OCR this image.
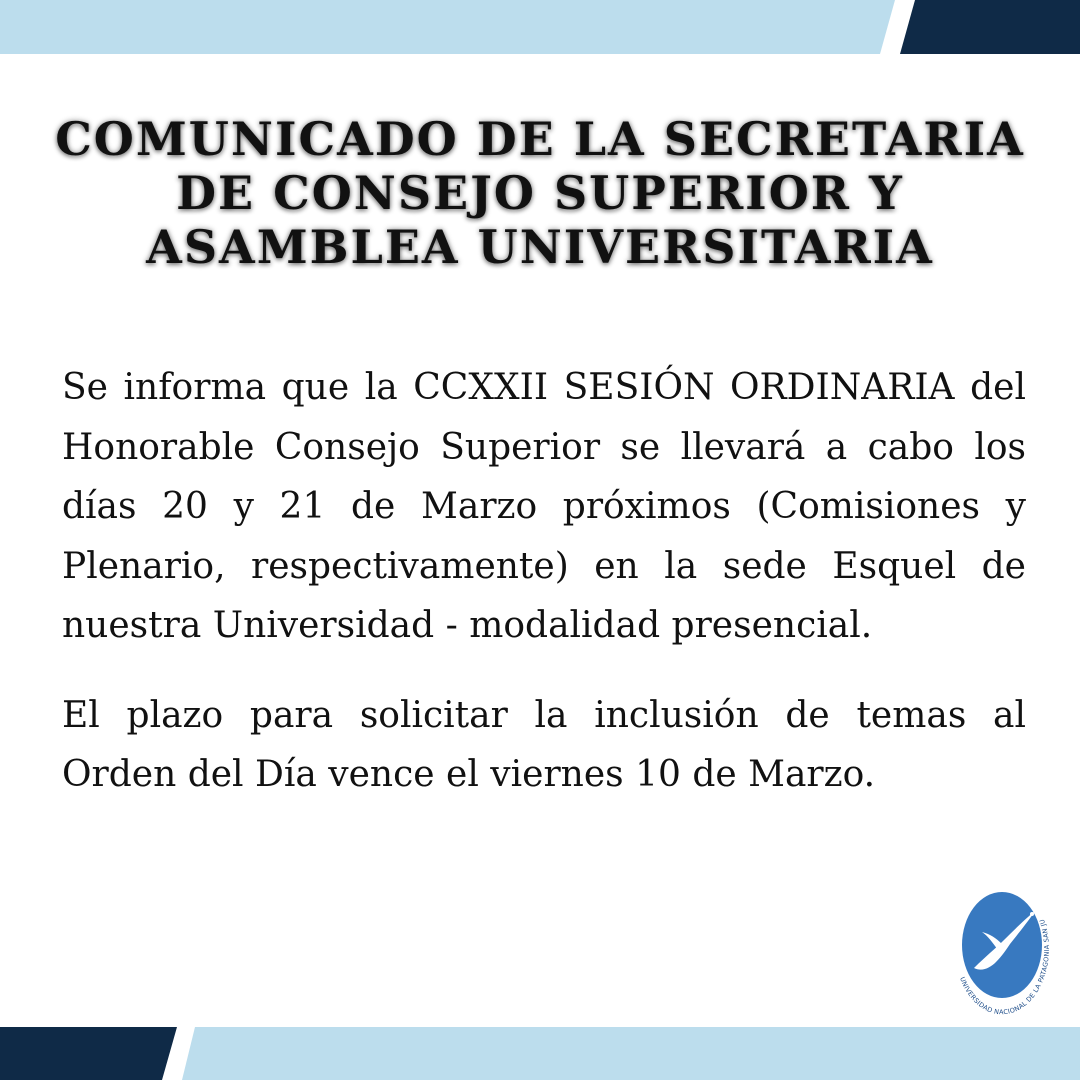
COMUNICADO DE LA SECRETARIA
DE CONSEJO SUPERIOR Y
ASAMBLEA UNIVERSITARIA

Se informa que la CCXXII SESIÓN ORDINARIA del Honorable Consejo Superior se llevará a cabo los días 20 y 21 de Marzo próximos (Comisiones y Plenario, respectivamente) en la sede Esquel de nuestra Universidad - modalidad presencial.

El plazo para solicitar la inclusión de temas al Orden del Día vence el viernes 10 de Marzo.

UNIVERSIDAD NACIONAL DE LA PATAGONIA SAN JU
